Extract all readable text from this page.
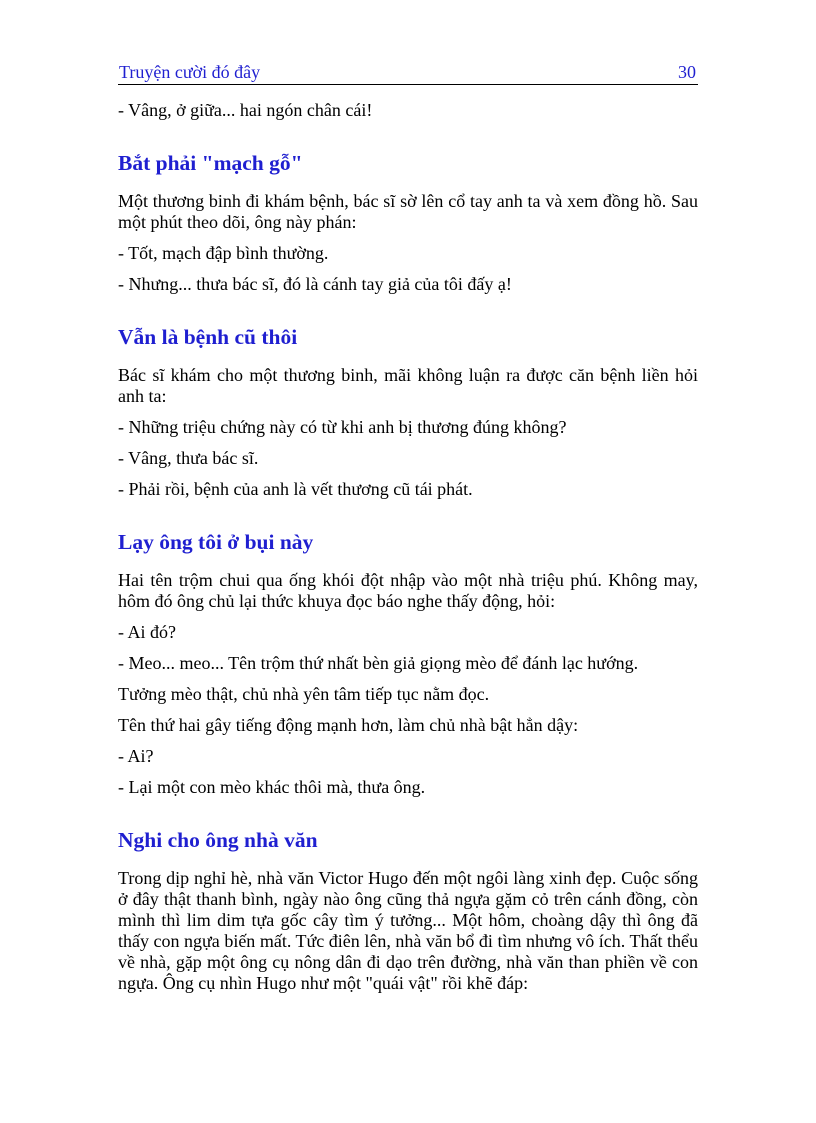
Truyện cười đó đây	30

- Vâng, ở giữa... hai ngón chân cái!

Bắt phải "mạch gỗ"

Một thương binh đi khám bệnh, bác sĩ sờ lên cổ tay anh ta và xem đồng hồ. Sau một phút theo dõi, ông này phán:

- Tốt, mạch đập bình thường.

- Nhưng... thưa bác sĩ, đó là cánh tay giả của tôi đấy ạ!

Vẫn là bệnh cũ thôi

Bác sĩ khám cho một thương binh, mãi không luận ra được căn bệnh liền hỏi anh ta:

- Những triệu chứng này có từ khi anh bị thương đúng không?

- Vâng, thưa bác sĩ.

- Phải rồi, bệnh của anh là vết thương cũ tái phát.

Lạy ông tôi ở bụi này

Hai tên trộm chui qua ống khói đột nhập vào một nhà triệu phú. Không may, hôm đó ông chủ lại thức khuya đọc báo nghe thấy động, hỏi:

- Ai đó?

- Meo... meo... Tên trộm thứ nhất bèn giả giọng mèo để đánh lạc hướng.

Tưởng mèo thật, chủ nhà yên tâm tiếp tục nằm đọc.

Tên thứ hai gây tiếng động mạnh hơn, làm chủ nhà bật hẳn dậy:

- Ai?

- Lại một con mèo khác thôi mà, thưa ông.

Nghi cho ông nhà văn

Trong dịp nghỉ hè, nhà văn Victor Hugo đến một ngôi làng xinh đẹp. Cuộc sống ở đây thật thanh bình, ngày nào ông cũng thả ngựa gặm cỏ trên cánh đồng, còn mình thì lim dim tựa gốc cây tìm ý tưởng... Một hôm, choàng dậy thì ông đã thấy con ngựa biến mất. Tức điên lên, nhà văn bổ đi tìm nhưng vô ích. Thất thểu về nhà, gặp một ông cụ nông dân đi dạo trên đường, nhà văn than phiền về con ngựa. Ông cụ nhìn Hugo như một "quái vật" rồi khẽ đáp:
